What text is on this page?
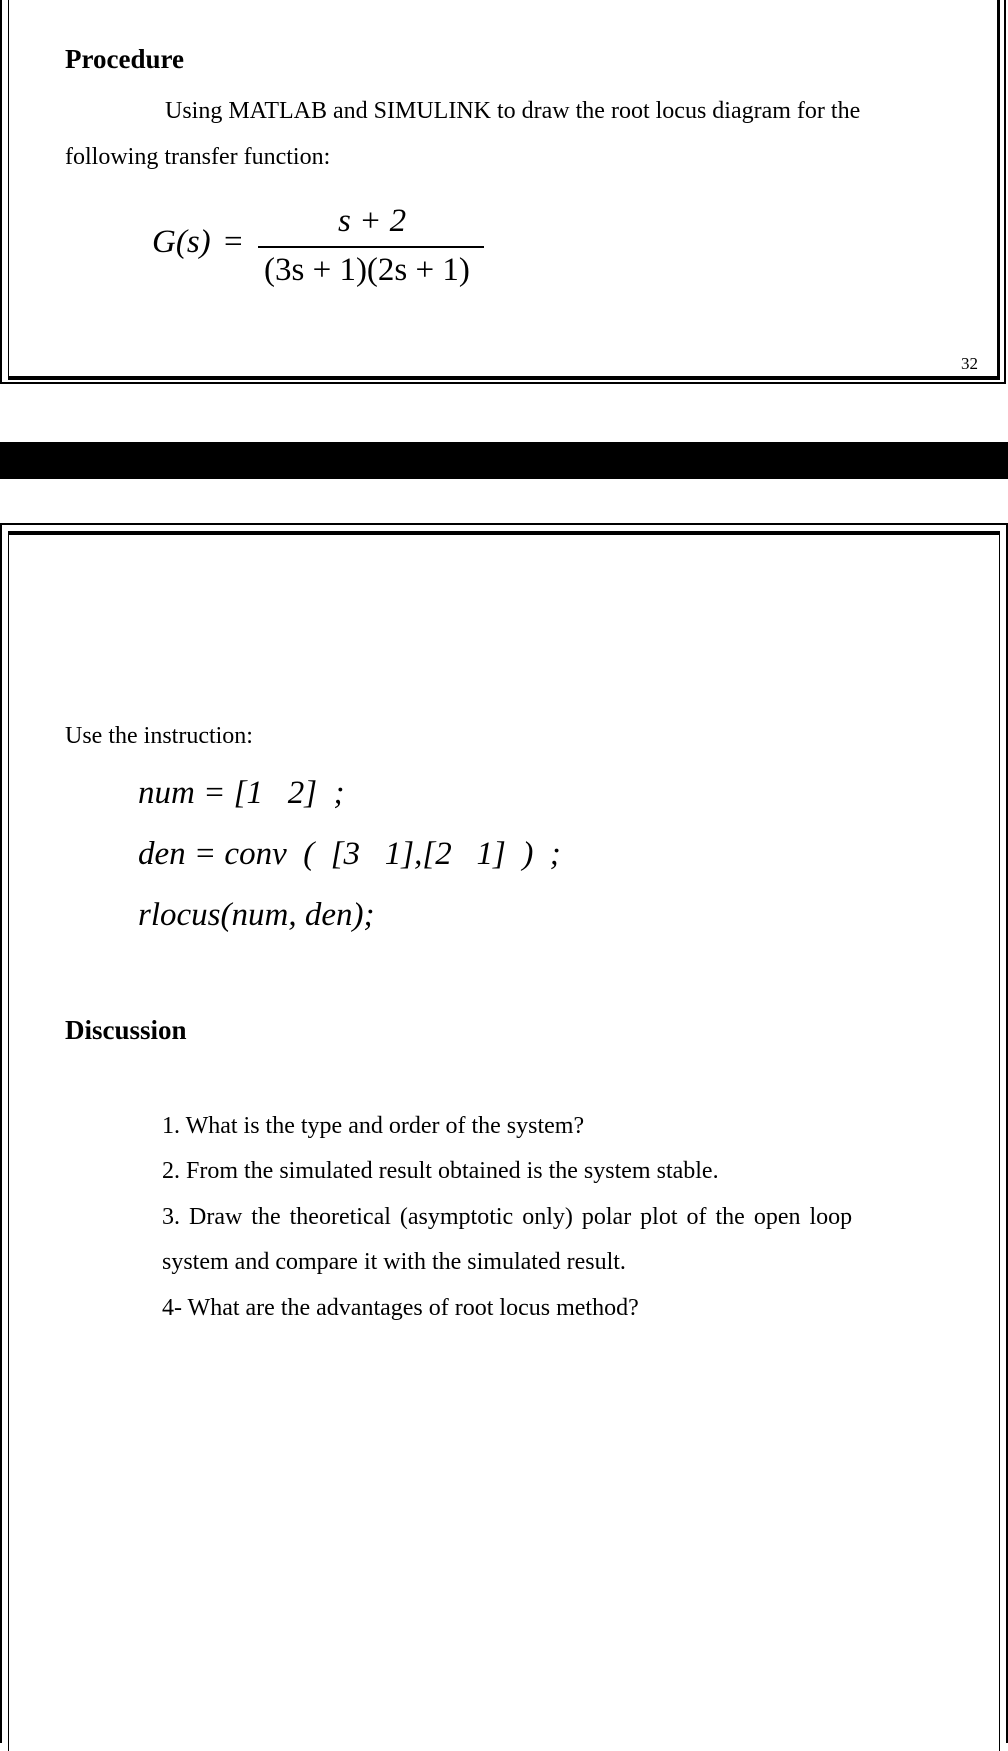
Procedure
Using MATLAB and SIMULINK to draw the root locus diagram for the
following transfer function:
G(s) =
s + 2
(3s + 1)(2s + 1)
32
Use the instruction:
num = [1   2]  ;
den = conv  (  [3   1],[2   1]  )  ;
rlocus(num, den);
Discussion
1. What is the type and order of the system?
2. From the simulated result obtained is the system stable.
3. Draw the theoretical (asymptotic only) polar plot of the open loop
system and compare it with the simulated result.
4- What are the advantages of root locus method?
